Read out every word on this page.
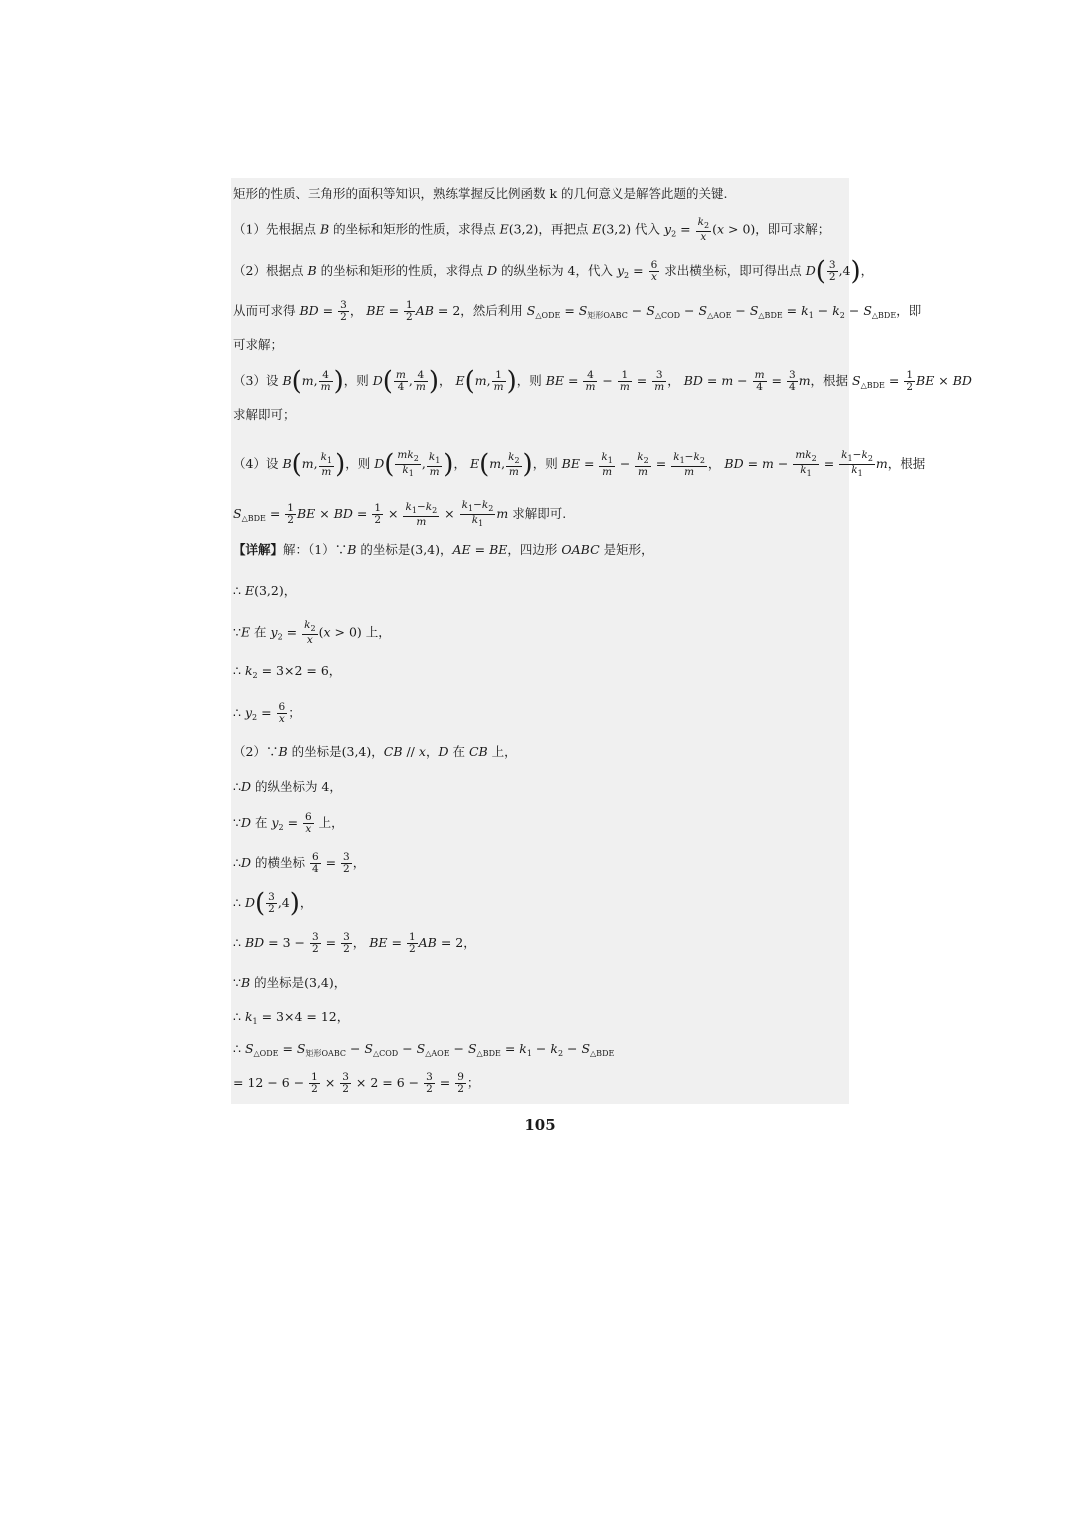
矩形的性质、三角形的面积等知识，熟练掌握反比例函数 k 的几何意义是解答此题的关键.
（1）先根据点 B 的坐标和矩形的性质，求得点 E(3,2)，再把点 E(3,2) 代入 $y_2 = \frac{k_2}{x} (x > 0)$，即可求解；
（2）根据点 B 的坐标和矩形的性质，求得点 D 的纵坐标为 4，代入 $y_2 = \frac{6}{x}$ 求出横坐标，即可得出点 $D( \frac{3}{2} ,4)$，
从而可求得 BD = $\frac{3}{2}$ ， BE = $\frac{1}{2}$ AB = 2，然后利用 $S_{\triangle ODE} = S_{矩形OABC} - S_{\triangle COD} - S_{\triangle AOE} - S_{\triangle BDE} = k_1 - k_2 - S_{\triangle BDE}$，即
可求解；
（3）设 B(m, $\frac{4}{m}$ )，则 $D( \frac{m}{4}$ , $\frac{4}{m}$ )， E(m, $\frac{1}{m}$ )，则 BE = $\frac{4}{m} - \frac{1}{m} = \frac{3}{m}$ ， BD = $m - \frac{m}{4} = \frac{3}{4}$ m，根据 $S_{\triangle BDE} = \frac{1}{2}$ BE × BD
求解即可；
（4）设 B(m, $\frac{k_1}{m}$ )，则 $D( \frac{mk_2}{k_1}$ , $\frac{k_1}{m}$ )， E(m, $\frac{k_2}{m}$ )，则 BE = $\frac{k_1}{m} - \frac{k_2}{m} = \frac{k_1-k_2}{m}$ ， BD = $m - \frac{mk_2}{k_1} = \frac{k_1-k_2}{k_1}$ m，根据
$S_{\triangle BDE} = \frac{1}{2}$ BE × BD = $\frac{1}{2} \times \frac{k_1-k_2}{m} \times \frac{k_1-k_2}{k_1}$ m 求解即可.
【详解】解：（1）∵B 的坐标是(3,4)，AE = BE，四边形 OABC 是矩形，
∴ E(3,2)，
∵E 在 $y_2 = \frac{k_2}{x} (x > 0)$ 上，
∴ $k_2 = 3\times 2 = 6$，
∴ $y_2 = \frac{6}{x}$ ；
（2）∵B 的坐标是(3,4)，CB // x，D 在 CB 上，
∴D 的纵坐标为 4，
∵D 在 $y_2 = \frac{6}{x}$ 上，
∴D 的横坐标 $\frac{6}{4} = \frac{3}{2}$ ，
∴ $D( \frac{3}{2} ,4)$，
∴ BD = $3 - \frac{3}{2} = \frac{3}{2}$ ， BE = $\frac{1}{2}$ AB = 2，
∵B 的坐标是(3,4)，
∴ $k_1 = 3\times 4 = 12$，
∴ $S_{\triangle ODE} = S_{矩形OABC} - S_{\triangle COD} - S_{\triangle AOE} - S_{\triangle BDE} = k_1 - k_2 - S_{\triangle BDE}$
= $12 - 6 - \frac{1}{2} \times \frac{3}{2} \times 2 = 6 - \frac{3}{2} = \frac{9}{2}$ ；
105
